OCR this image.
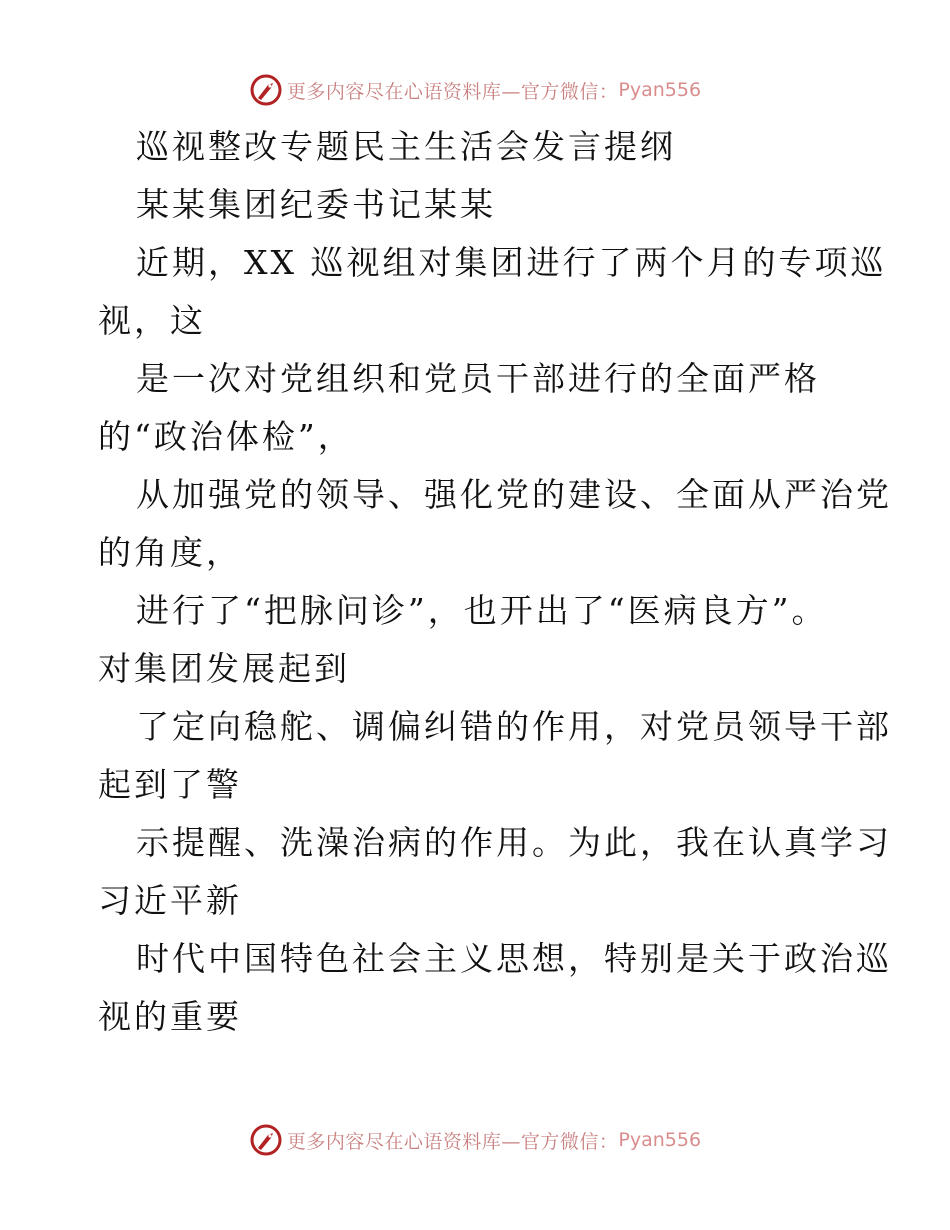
更多内容尽在心语资料库—官方微信： Pyan556
巡视整改专题民主生活会发言提纲
某某集团纪委书记某某
近期，XX 巡视组对集团进行了两个月的专项巡
视，这
是一次对党组织和党员干部进行的全面严格
的“政治体检”，
从加强党的领导、强化党的建设、全面从严治党
的角度，
进行了“把脉问诊”，也开出了“医病良方”。
对集团发展起到
了定向稳舵、调偏纠错的作用，对党员领导干部
起到了警
示提醒、洗澡治病的作用。为此，我在认真学习
习近平新
时代中国特色社会主义思想，特别是关于政治巡
视的重要
更多内容尽在心语资料库—官方微信： Pyan556
